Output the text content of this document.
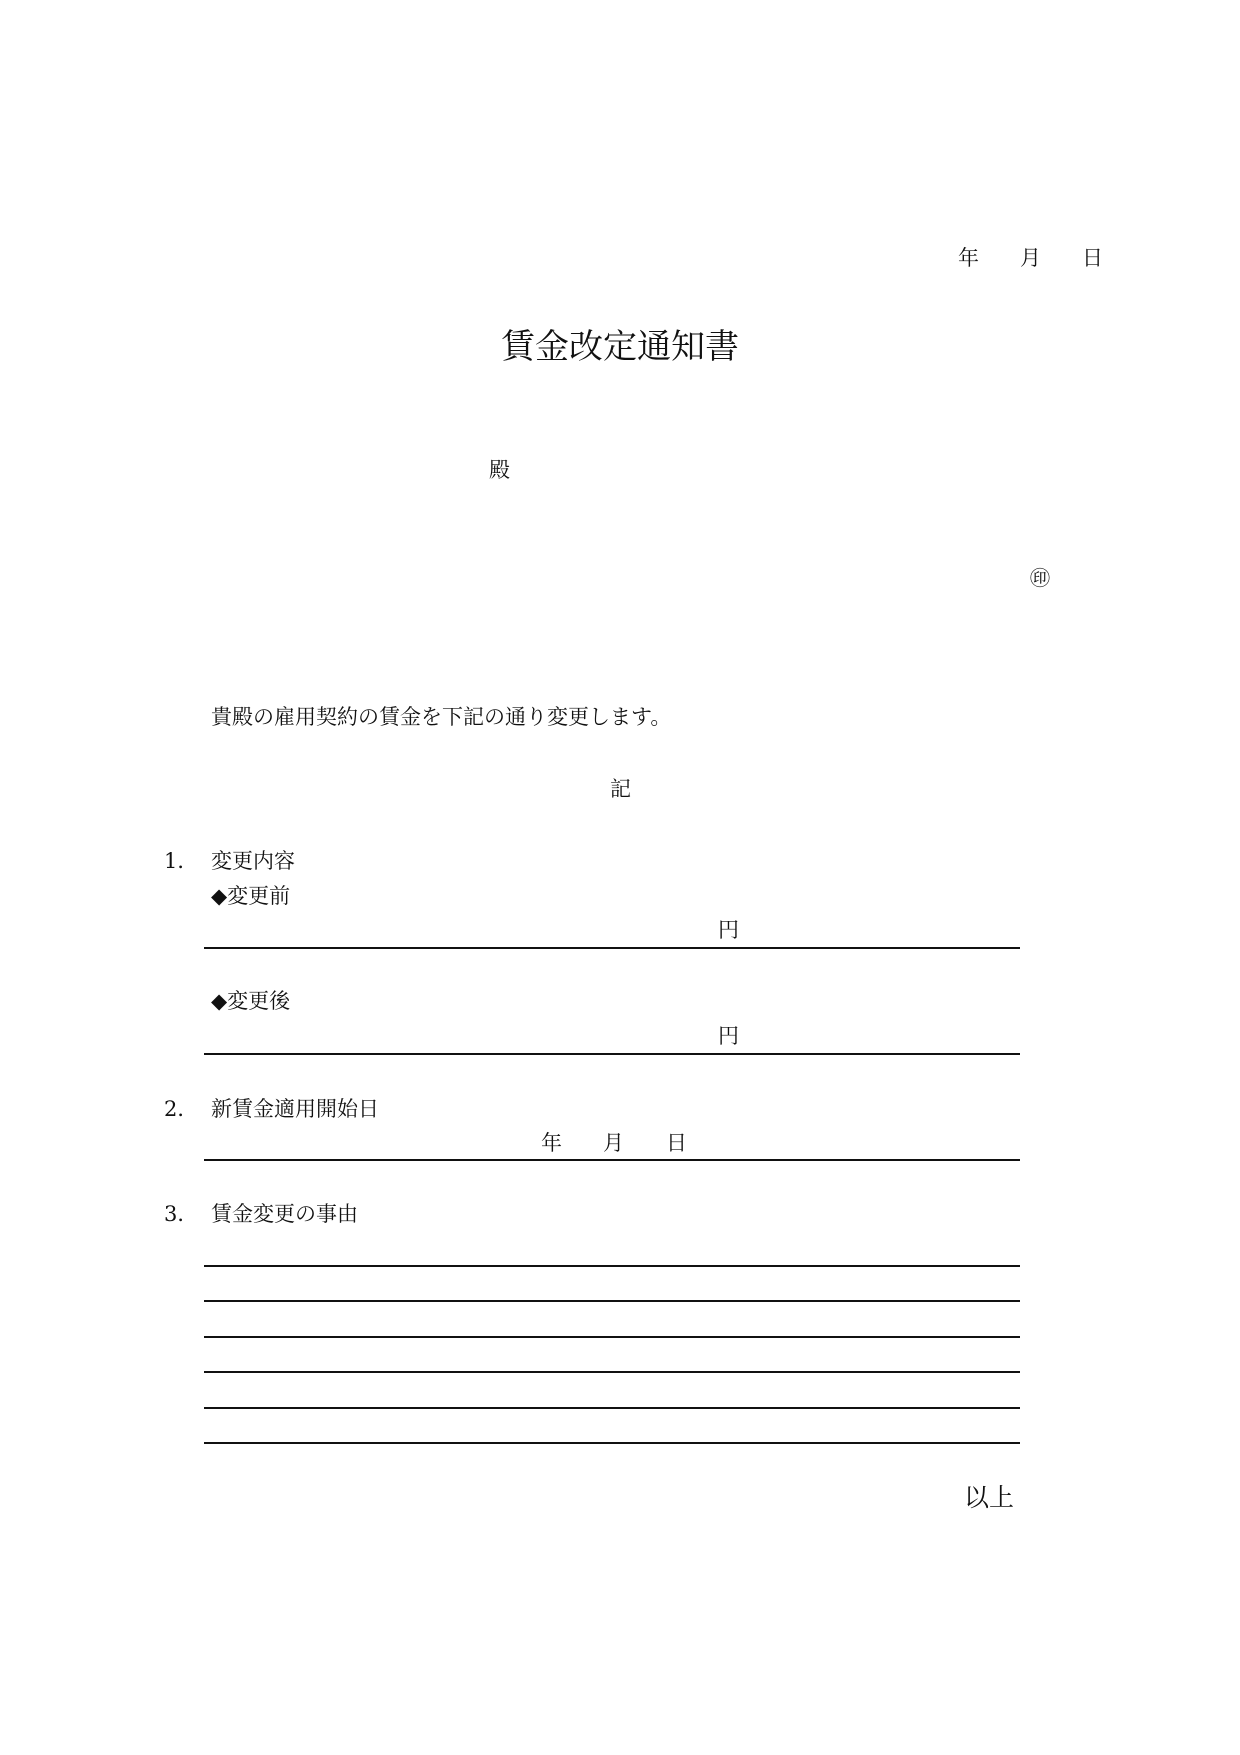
年 月 日
賃金改定通知書
殿
㊞
貴殿の雇用契約の賃金を下記の通り変更します。
記
1． 変更内容
◆変更前
円
◆変更後
円
2． 新賃金適用開始日
年 月 日
3． 賃金変更の事由
以上
